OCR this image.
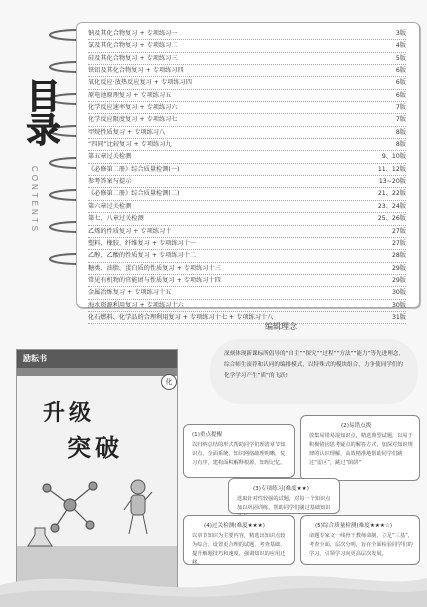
目录
CONTENTS
钠及其化合物复习 + 专项练习一	3版
氯及其化合物复习 + 专项练习二	4版
硅及其化合物复习 + 专项练习三	5版
铁铝及其化合物复习 + 专项练习四	6版
氧化反应·放热反应复习 + 专项练习四	6版
原电池原理复习 + 专项练习五	6版
化学反应速率复习 + 专项练习六	7版
化学反应限度复习 + 专项练习七	7版
甲烷性质复习 + 专项练习八	8版
“四同”比较复习 + 专项练习九	8版
第五章过关检测	9、10版
《必修第二册》综合质量检测(一)	11、12版
参考答案与提示	13~20版
《必修第二册》综合质量检测(二)	21、22版
第六章过关检测	23、24版
第七、八章过关检测	25、26版
乙烯的性质复习 + 专项练习十	27版
塑料、橡胶、纤维复习 + 专项练习十一	27版
乙醇、乙酸的性质复习 + 专项练习十二	28版
糖类、油脂、蛋白质的性质复习 + 专项练习十三	29版
常见有机物的官能团与性质复习 + 专项练习十四	29版
金属冶炼复习 + 专项练习十五	30版
海水资源利用复习 + 专项练习十六	30版
化石燃料、化学品的合理利用复习 + 专项练习十七 + 专项练习十八	31版
编辑理念
励耘书
化
升级
突破

深刻体现新课标所倡导的“自主”“探究”“过程”“方法”“能力”等先进理念，综合师生滚荐和认同的编排模式，以特殊式的模块组合，力争使同学们的化学学习产生“质”的飞跃!

(1)重点提醒
以归纳总结的形式帮助同学们理清章节知识点，全面系统，知识网络疏理明晰，复习有序，建构面积解释根源，知理记忆。
(2)易错点拨
放集易错易混知识点，精选典型试题，以易于积极错因思考疑点的解答方式，加深对知识规律的认识理解，高效精准地帮助同学们跳过“雷区”，跳过“陷阱”
(3)专项练习(难度★★)
选取针对性较强的试题，对每一个知识点加以巩固训练，帮助同学们刷过基础知识
(4)过关检测(难度★★★)
以章节知识为主要内容，精选出知识点较为综合、设置更合理的试题，考查基础，提升解题技巧和速度，强调知识的应用迁移。
(5)综合质量检测(难度★★★☆)
命题专家文一线骨干教师命制，立足“三基”，考查全面，层次分明，旨在全面检验同学们的学习，引领学习向更高层次发展。
